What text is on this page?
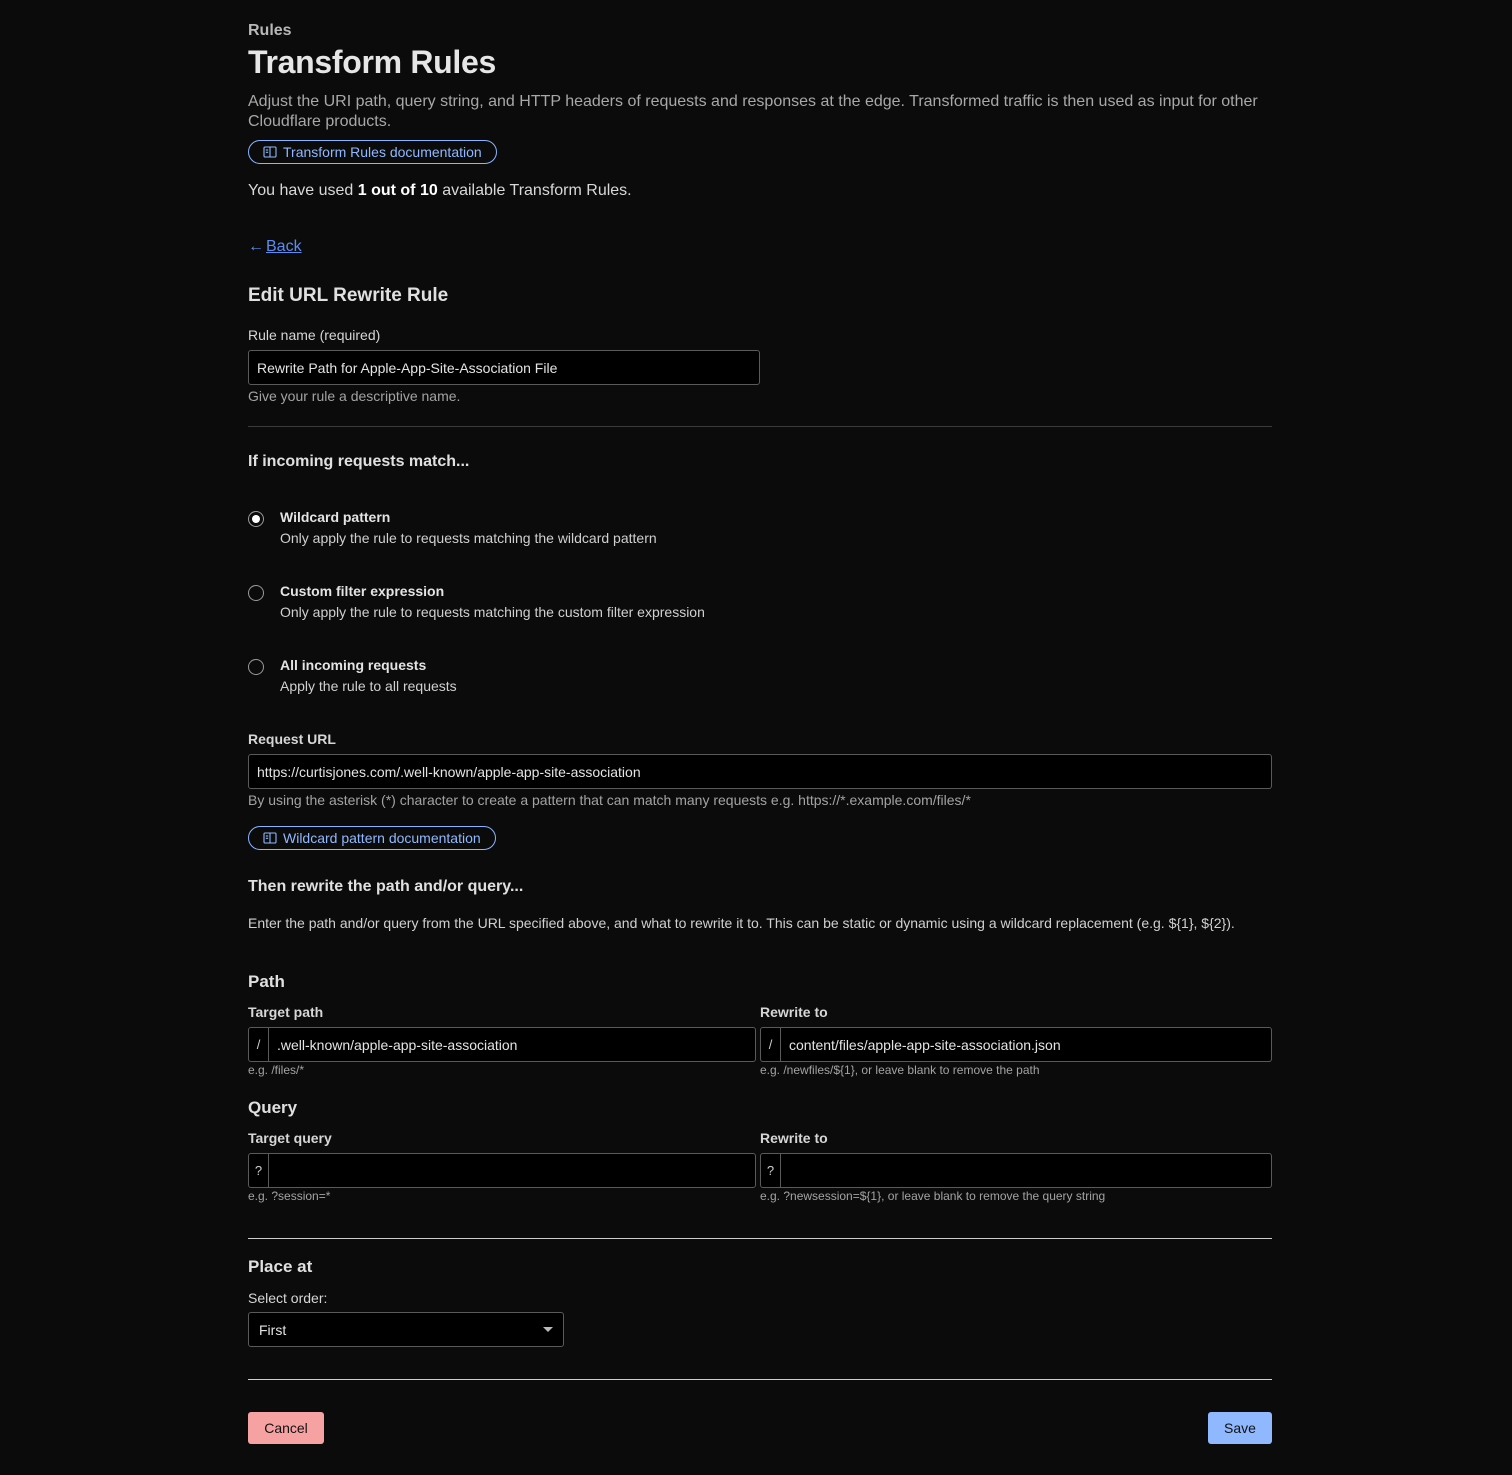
Rules
Transform Rules

Adjust the URI path, query string, and HTTP headers of requests and responses at the edge. Transformed traffic is then used as input for other Cloudflare products.

Transform Rules documentation
You have used 1 out of 10 available Transform Rules.
← Back
Edit URL Rewrite Rule
Rule name (required)
Rewrite Path for Apple-App-Site-Association File
Give your rule a descriptive name.
If incoming requests match...
Wildcard pattern
Only apply the rule to requests matching the wildcard pattern
Custom filter expression
Only apply the rule to requests matching the custom filter expression
All incoming requests
Apply the rule to all requests
Request URL
https://curtisjones.com/.well-known/apple-app-site-association
By using the asterisk (*) character to create a pattern that can match many requests e.g. https://*.example.com/files/*
Wildcard pattern documentation
Then rewrite the path and/or query...

Enter the path and/or query from the URL specified above, and what to rewrite it to. This can be static or dynamic using a wildcard replacement (e.g. ${1}, ${2}).

Path
Target path
/	.well-known/apple-app-site-association
e.g. /files/*
Rewrite to
/	content/files/apple-app-site-association.json
e.g. /newfiles/${1}, or leave blank to remove the path
Query
Target query
?
e.g. ?session=*
Rewrite to
?
e.g. ?newsession=${1}, or leave blank to remove the query string
Place at
Select order:
First
Cancel	Save
